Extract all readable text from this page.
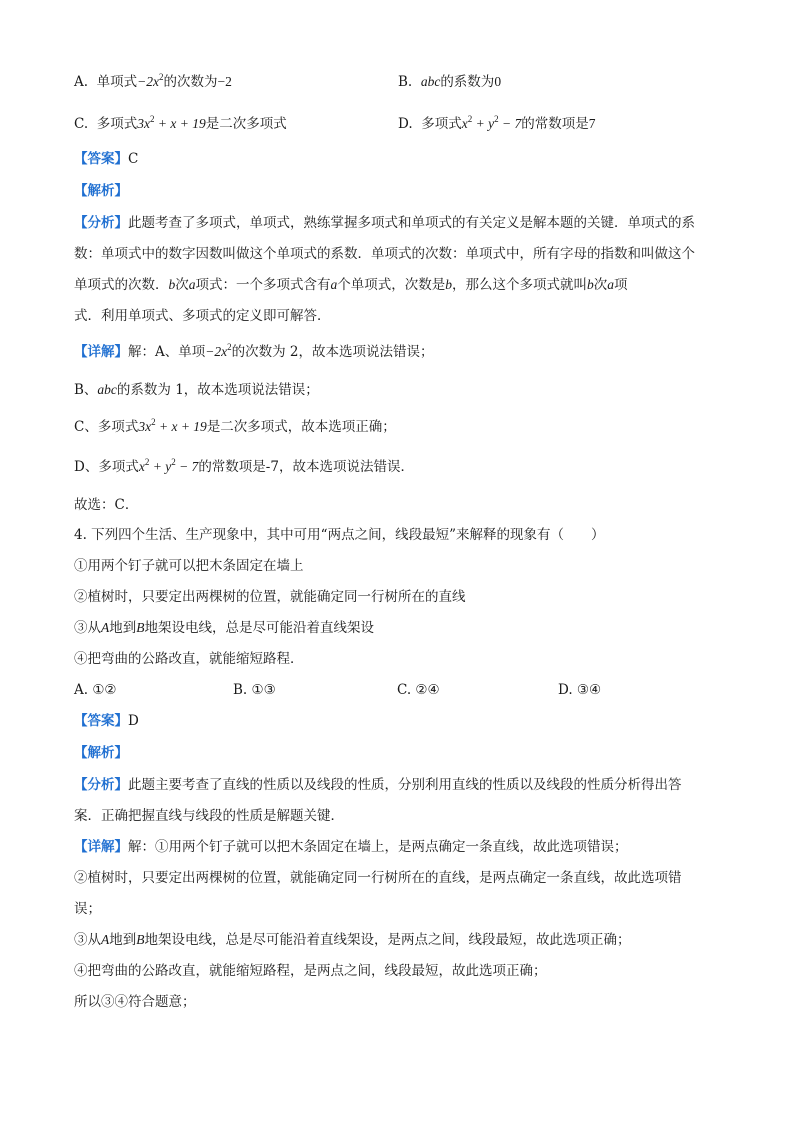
A. 单项式$-2x^2$的次数为−2	B. abc的系数为0
C. 多项式$3x^2 + x + 19$是二次多项式	D. 多项式$x^2 + y^2 - 7$的常数项是7
【答案】C
【解析】
【分析】此题考查了多项式，单项式，熟练掌握多项式和单项式的有关定义是解本题的关键．单项式的系
数：单项式中的数字因数叫做这个单项式的系数．单项式的次数：单项式中，所有字母的指数和叫做这个
单项式的次数．b次a项式：一个多项式含有a个单项式，次数是b，那么这个多项式就叫b次a项
式．利用单项式、多项式的定义即可解答．
【详解】解：A、单项$-2x^2$的次数为 2，故本选项说法错误；
B、abc的系数为 1，故本选项说法错误；
C、多项式$3x^2 + x + 19$是二次多项式，故本选项正确；
D、多项式$x^2 + y^2 - 7$的常数项是-7，故本选项说法错误．
故选：C．
4. 下列四个生活、生产现象中，其中可用“两点之间，线段最短”来解释的现象有（　　）
①用两个钉子就可以把木条固定在墙上
②植树时，只要定出两棵树的位置，就能确定同一行树所在的直线
③从A地到B地架设电线，总是尽可能沿着直线架设
④把弯曲的公路改直，就能缩短路程．
A. ①②	B. ①③	C. ②④	D. ③④
【答案】D
【解析】
【分析】此题主要考查了直线的性质以及线段的性质，分别利用直线的性质以及线段的性质分析得出答
案．正确把握直线与线段的性质是解题关键．
【详解】解：①用两个钉子就可以把木条固定在墙上，是两点确定一条直线，故此选项错误；
②植树时，只要定出两棵树的位置，就能确定同一行树所在的直线，是两点确定一条直线，故此选项错
误；
③从A地到B地架设电线，总是尽可能沿着直线架设，是两点之间，线段最短，故此选项正确；
④把弯曲的公路改直，就能缩短路程，是两点之间，线段最短，故此选项正确；
所以③④符合题意；
